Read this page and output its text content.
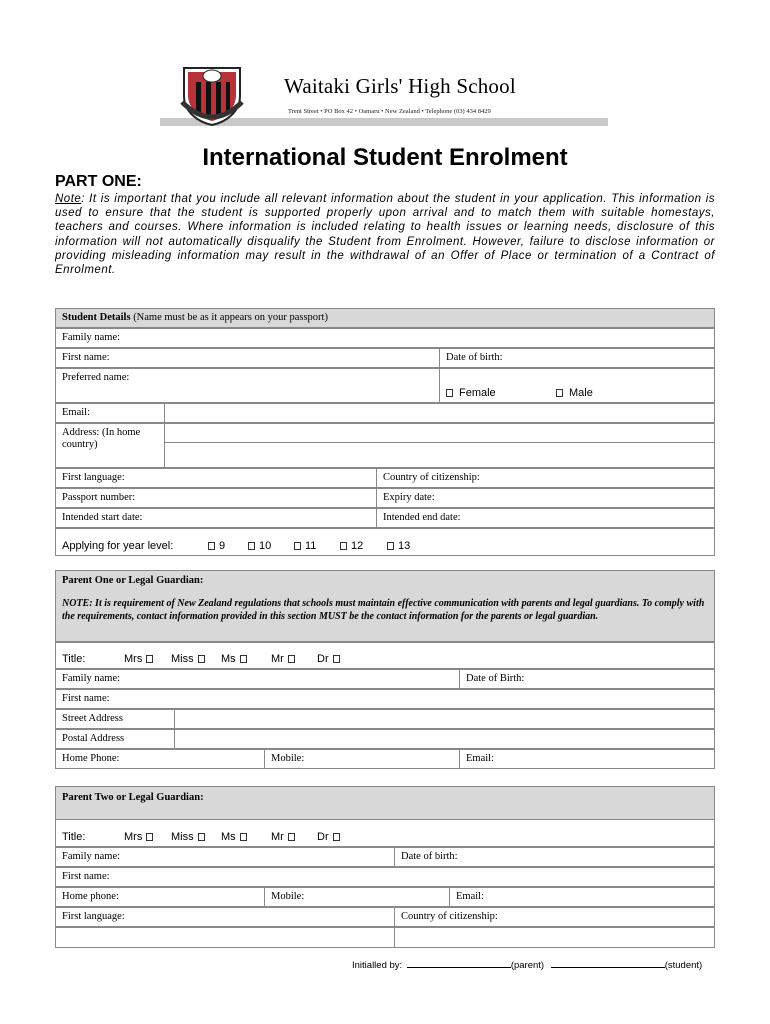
Waitaki Girls' High School
Trent Street • PO Box 42 • Oamaru • New Zealand • Telephone (03) 434 8429
International Student Enrolment
PART ONE:
Note: It is important that you include all relevant information about the student in your application. This information is used to ensure that the student is supported properly upon arrival and to match them with suitable homestays, teachers and courses. Where information is included relating to health issues or learning needs, disclosure of this information will not automatically disqualify the Student from Enrolment. However, failure to disclose information or providing misleading information may result in the withdrawal of an Offer of Place or termination of a Contract of Enrolment.
Student Details (Name must be as it appears on your passport)
Family name:
First name:	Date of birth:
Preferred name:
Female	Male
Email:
Address: (In home country)
First language:	Country of citizenship:
Passport number:	Expiry date:
Intended start date:	Intended end date:
Applying for year level:	9	10	11	12	13
Parent One or Legal Guardian:
NOTE: It is requirement of New Zealand regulations that schools must maintain effective communication with parents and legal guardians. To comply with the requirements, contact information provided in this section MUST be the contact information for the parents or legal guardian.
Title:	Mrs	Miss	Ms	Mr	Dr
Family name:	Date of Birth:
First name:
Street Address
Postal Address
Home Phone:	Mobile:	Email:
Parent Two or Legal Guardian:
Title:	Mrs	Miss	Ms	Mr	Dr
Family name:	Date of birth:
First name:
Home phone:	Mobile:	Email:
First language:	Country of citizenship:
Initialled by:	(parent)	(student)
